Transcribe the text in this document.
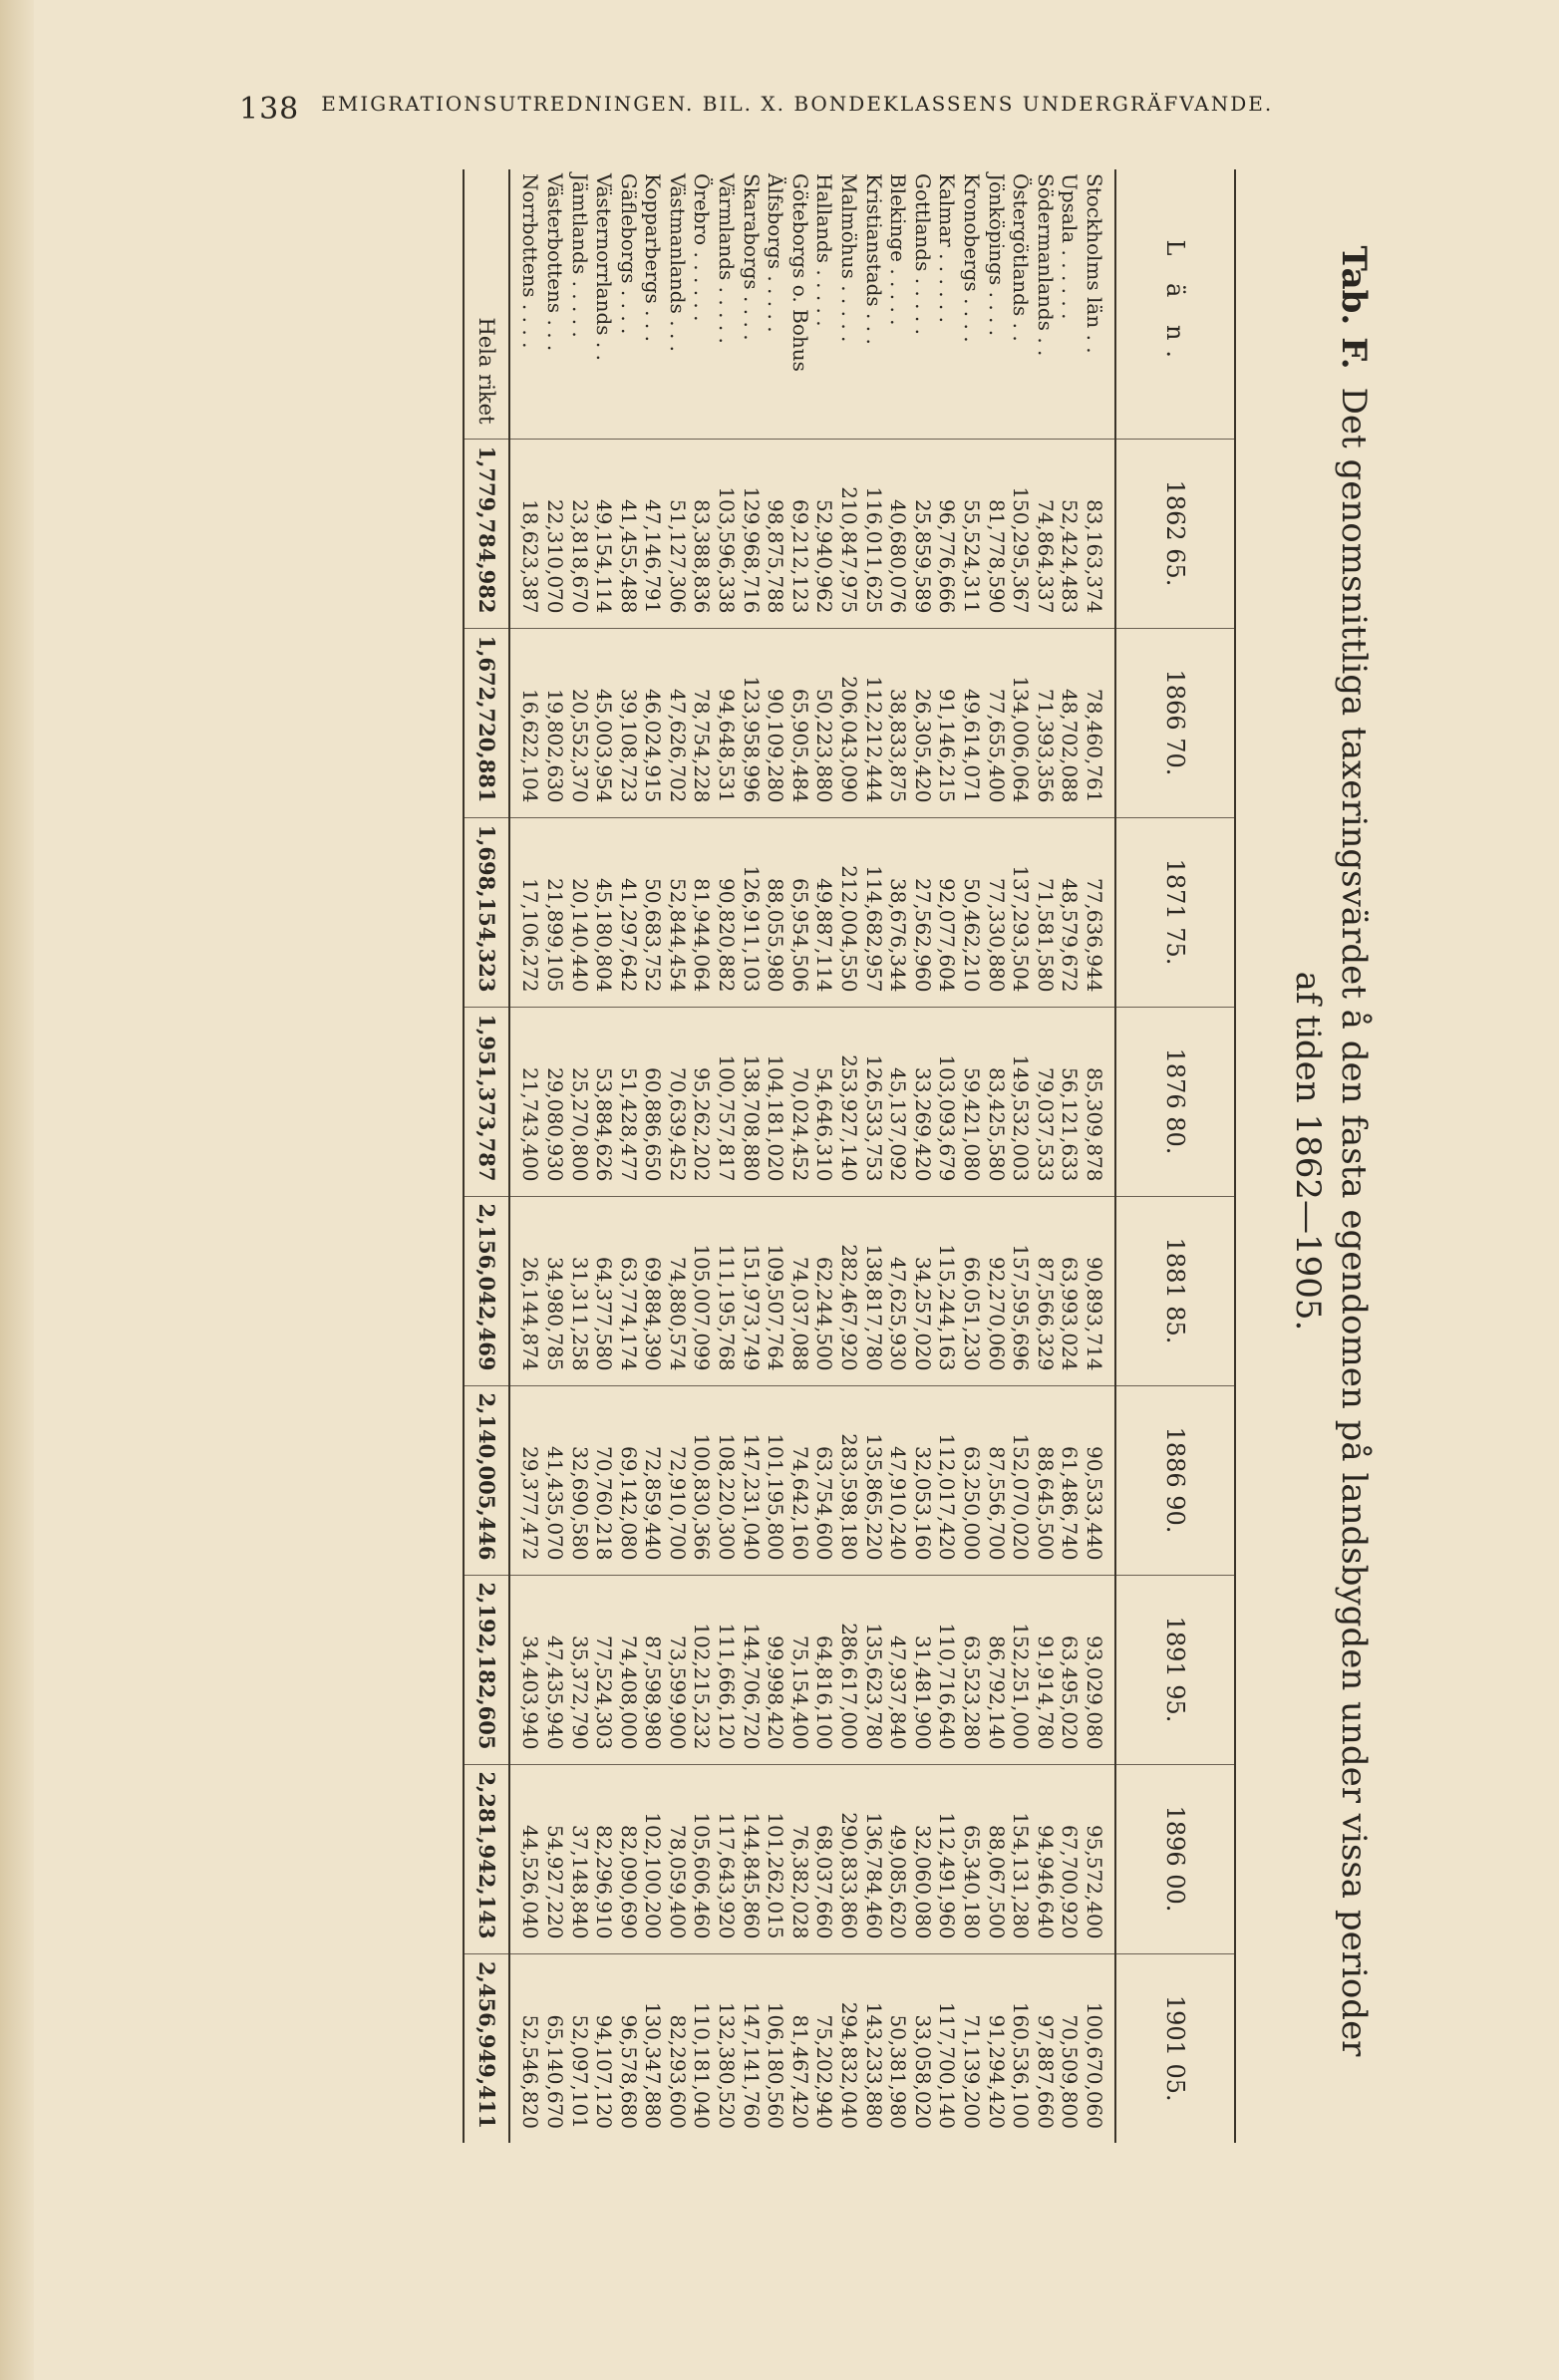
138 EMIGRATIONSUTREDNINGEN. BIL. X. BONDEKLASSENS UNDERGRÄFVANDE.
Tab. F.Det genomsnittliga taxeringsvärdet å den fasta egendomen på landsbygden under vissa perioder
af tiden 1862—1905.
L ä n.	1862 65.	1866 70.	1871 75.	1876 80.	1881 85.	1886 90.	1891 95.	1896 00.	1901 05.
Stockholms län . .	83,163,374	78,460,761	77,636,944	85,309,878	90,893,714	90,533,440	93,029,080	95,572,400	100,670,060
Upsala . . . . . .	52,424,483	48,702,088	48,579,672	56,121,633	63,993,024	61,486,740	63,495,020	67,700,920	70,509,800
Södermanlands . .	74,864,337	71,393,356	71,581,580	79,037,533	87,566,329	88,645,500	91,914,780	94,946,640	97,887,660
Östergötlands . .	150,295,367	134,006,064	137,293,504	149,532,003	157,595,696	152,070,020	152,251,000	154,131,280	160,536,100
Jönköpings . . . .	81,778,590	77,655,400	77,330,880	83,425,580	92,270,060	87,556,700	86,792,140	88,067,500	91,294,420
Kronobergs . . . .	55,524,311	49,614,071	50,462,210	59,421,080	66,051,230	63,250,000	63,523,280	65,340,180	71,139,200
Kalmar . . . . . .	96,776,666	91,146,215	92,077,604	103,093,679	115,244,163	112,017,420	110,716,640	112,491,960	117,700,140
Gottlands . . . . .	25,859,589	26,305,420	27,562,960	33,269,420	34,257,020	32,053,160	31,481,900	32,060,080	33,058,020
Blekinge . . . . .	40,680,076	38,833,875	38,676,344	45,137,092	47,625,930	47,910,240	47,937,840	49,085,620	50,381,980
Kristianstads . . .	116,011,625	112,212,444	114,682,957	126,533,753	138,817,780	135,865,220	135,623,780	136,784,460	143,233,880
Malmöhus . . . . .	210,847,975	206,043,090	212,004,550	253,927,140	282,467,920	283,598,180	286,617,000	290,833,860	294,832,040
Hallands . . . . .	52,940,962	50,223,880	49,887,114	54,646,310	62,244,500	63,754,600	64,816,100	68,037,660	75,202,940
Göteborgs o. Bohus	69,212,123	65,905,484	65,954,506	70,024,452	74,037,088	74,642,160	75,154,400	76,382,028	81,467,420
Älfsborgs . . . . .	98,875,788	90,109,280	88,055,980	104,181,020	109,507,764	101,195,800	99,998,420	101,262,015	106,180,560
Skaraborgs . . . .	129,968,716	123,958,996	126,911,103	138,708,880	151,973,749	147,231,040	144,706,720	144,845,860	147,141,760
Värmlands . . . . .	103,596,338	94,648,531	90,820,882	100,757,817	111,195,768	108,220,300	111,666,120	117,643,920	132,380,520
Örebro . . . . . .	83,388,836	78,754,228	81,944,064	95,262,202	105,007,099	100,830,366	102,215,232	105,606,460	110,181,040
Västmanlands . . .	51,127,306	47,626,702	52,844,454	70,639,452	74,880,574	72,910,700	73,599,900	78,059,400	82,293,600
Kopparbergs . . .	47,146,791	46,024,915	50,683,752	60,886,650	69,884,390	72,859,440	87,598,980	102,100,200	130,347,880
Gäfleborgs . . . .	41,455,488	39,108,723	41,297,642	51,428,477	63,774,174	69,142,080	74,408,000	82,090,690	96,578,680
Västernorrlands . .	49,154,114	45,003,954	45,180,804	53,884,626	64,377,580	70,760,218	77,524,303	82,296,910	94,107,120
Jämtlands . . . . .	23,818,670	20,552,370	20,140,440	25,270,800	31,311,258	32,690,580	35,372,790	37,148,840	52,097,101
Västerbottens . . .	22,310,070	19,802,630	21,899,105	29,080,930	34,980,785	41,435,070	47,435,940	54,927,220	65,140,670
Norrbottens . . . .	18,623,387	16,622,104	17,106,272	21,743,400	26,144,874	29,377,472	34,403,940	44,526,040	52,546,820
Hela riket	1,779,784,982	1,672,720,881	1,698,154,323	1,951,373,787	2,156,042,469	2,140,005,446	2,192,182,605	2,281,942,143	2,456,949,411
